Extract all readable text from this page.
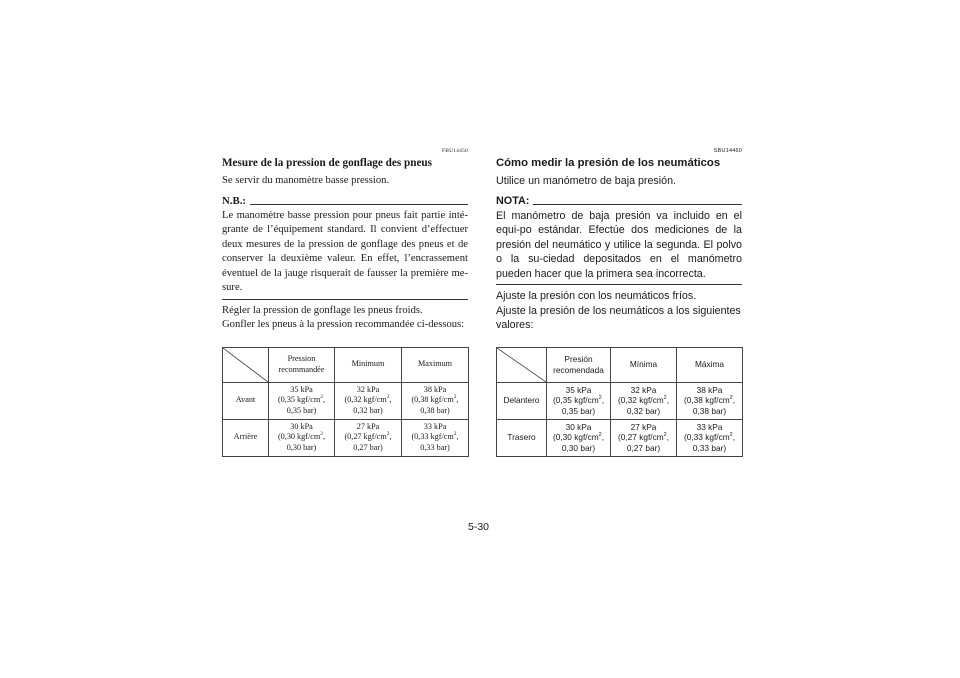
FBU14450
Mesure de la pression de gonflage des pneus

Se servir du manomètre basse pression.

N.B.:

Le manomètre basse pression pour pneus fait partie inté-grante de l’équipement standard. Il convient d’effectuer deux mesures de la pression de gonflage des pneus et de conserver la deuxième valeur. En effet, l’encrassement éventuel de la jauge risquerait de fausser la première me-sure.

Régler la pression de gonflage les pneus froids.

Gonfler les pneus à la pression recommandée ci-dessous:

	Pression recommandée	Minimum	Maximum
Avant	35 kPa
(0,35 kgf/$cm^2$,
0,35 bar)	32 kPa
(0,32 kgf/$cm^2$,
0,32 bar)	38 kPa
(0,38 kgf/$cm^2$,
0,38 bar)

Arrière	30 kPa
(0,30 kgf/$cm^2$,
0,30 bar)	27 kPa
(0,27 kgf/$cm^2$,
0,27 bar)	33 kPa
(0,33 kgf/$cm^2$,
0,33 bar)
SBU14460
Cómo medir la presión de los neumáticos

Utilice un manómetro de baja presión.

NOTA:

El manómetro de baja presión va incluido en el equi-po estándar. Efectúe dos mediciones de la presión del neumático y utilice la segunda. El polvo o la su-ciedad depositados en el manómetro pueden hacer que la primera sea incorrecta.

Ajuste la presión con los neumáticos fríos.

Ajuste la presión de los neumáticos a los siguientes valores:

	Presión recomendada	Mínima	Máxima
Delantero	35 kPa
(0,35 kgf/$cm^2$,
0,35 bar)	32 kPa
(0,32 kgf/$cm^2$,
0,32 bar)	38 kPa
(0,38 kgf/$cm^2$,
0,38 bar)

Trasero	30 kPa
(0,30 kgf/$cm^2$,
0,30 bar)	27 kPa
(0,27 kgf/$cm^2$,
0,27 bar)	33 kPa
(0,33 kgf/$cm^2$,
0,33 bar)
5-30
